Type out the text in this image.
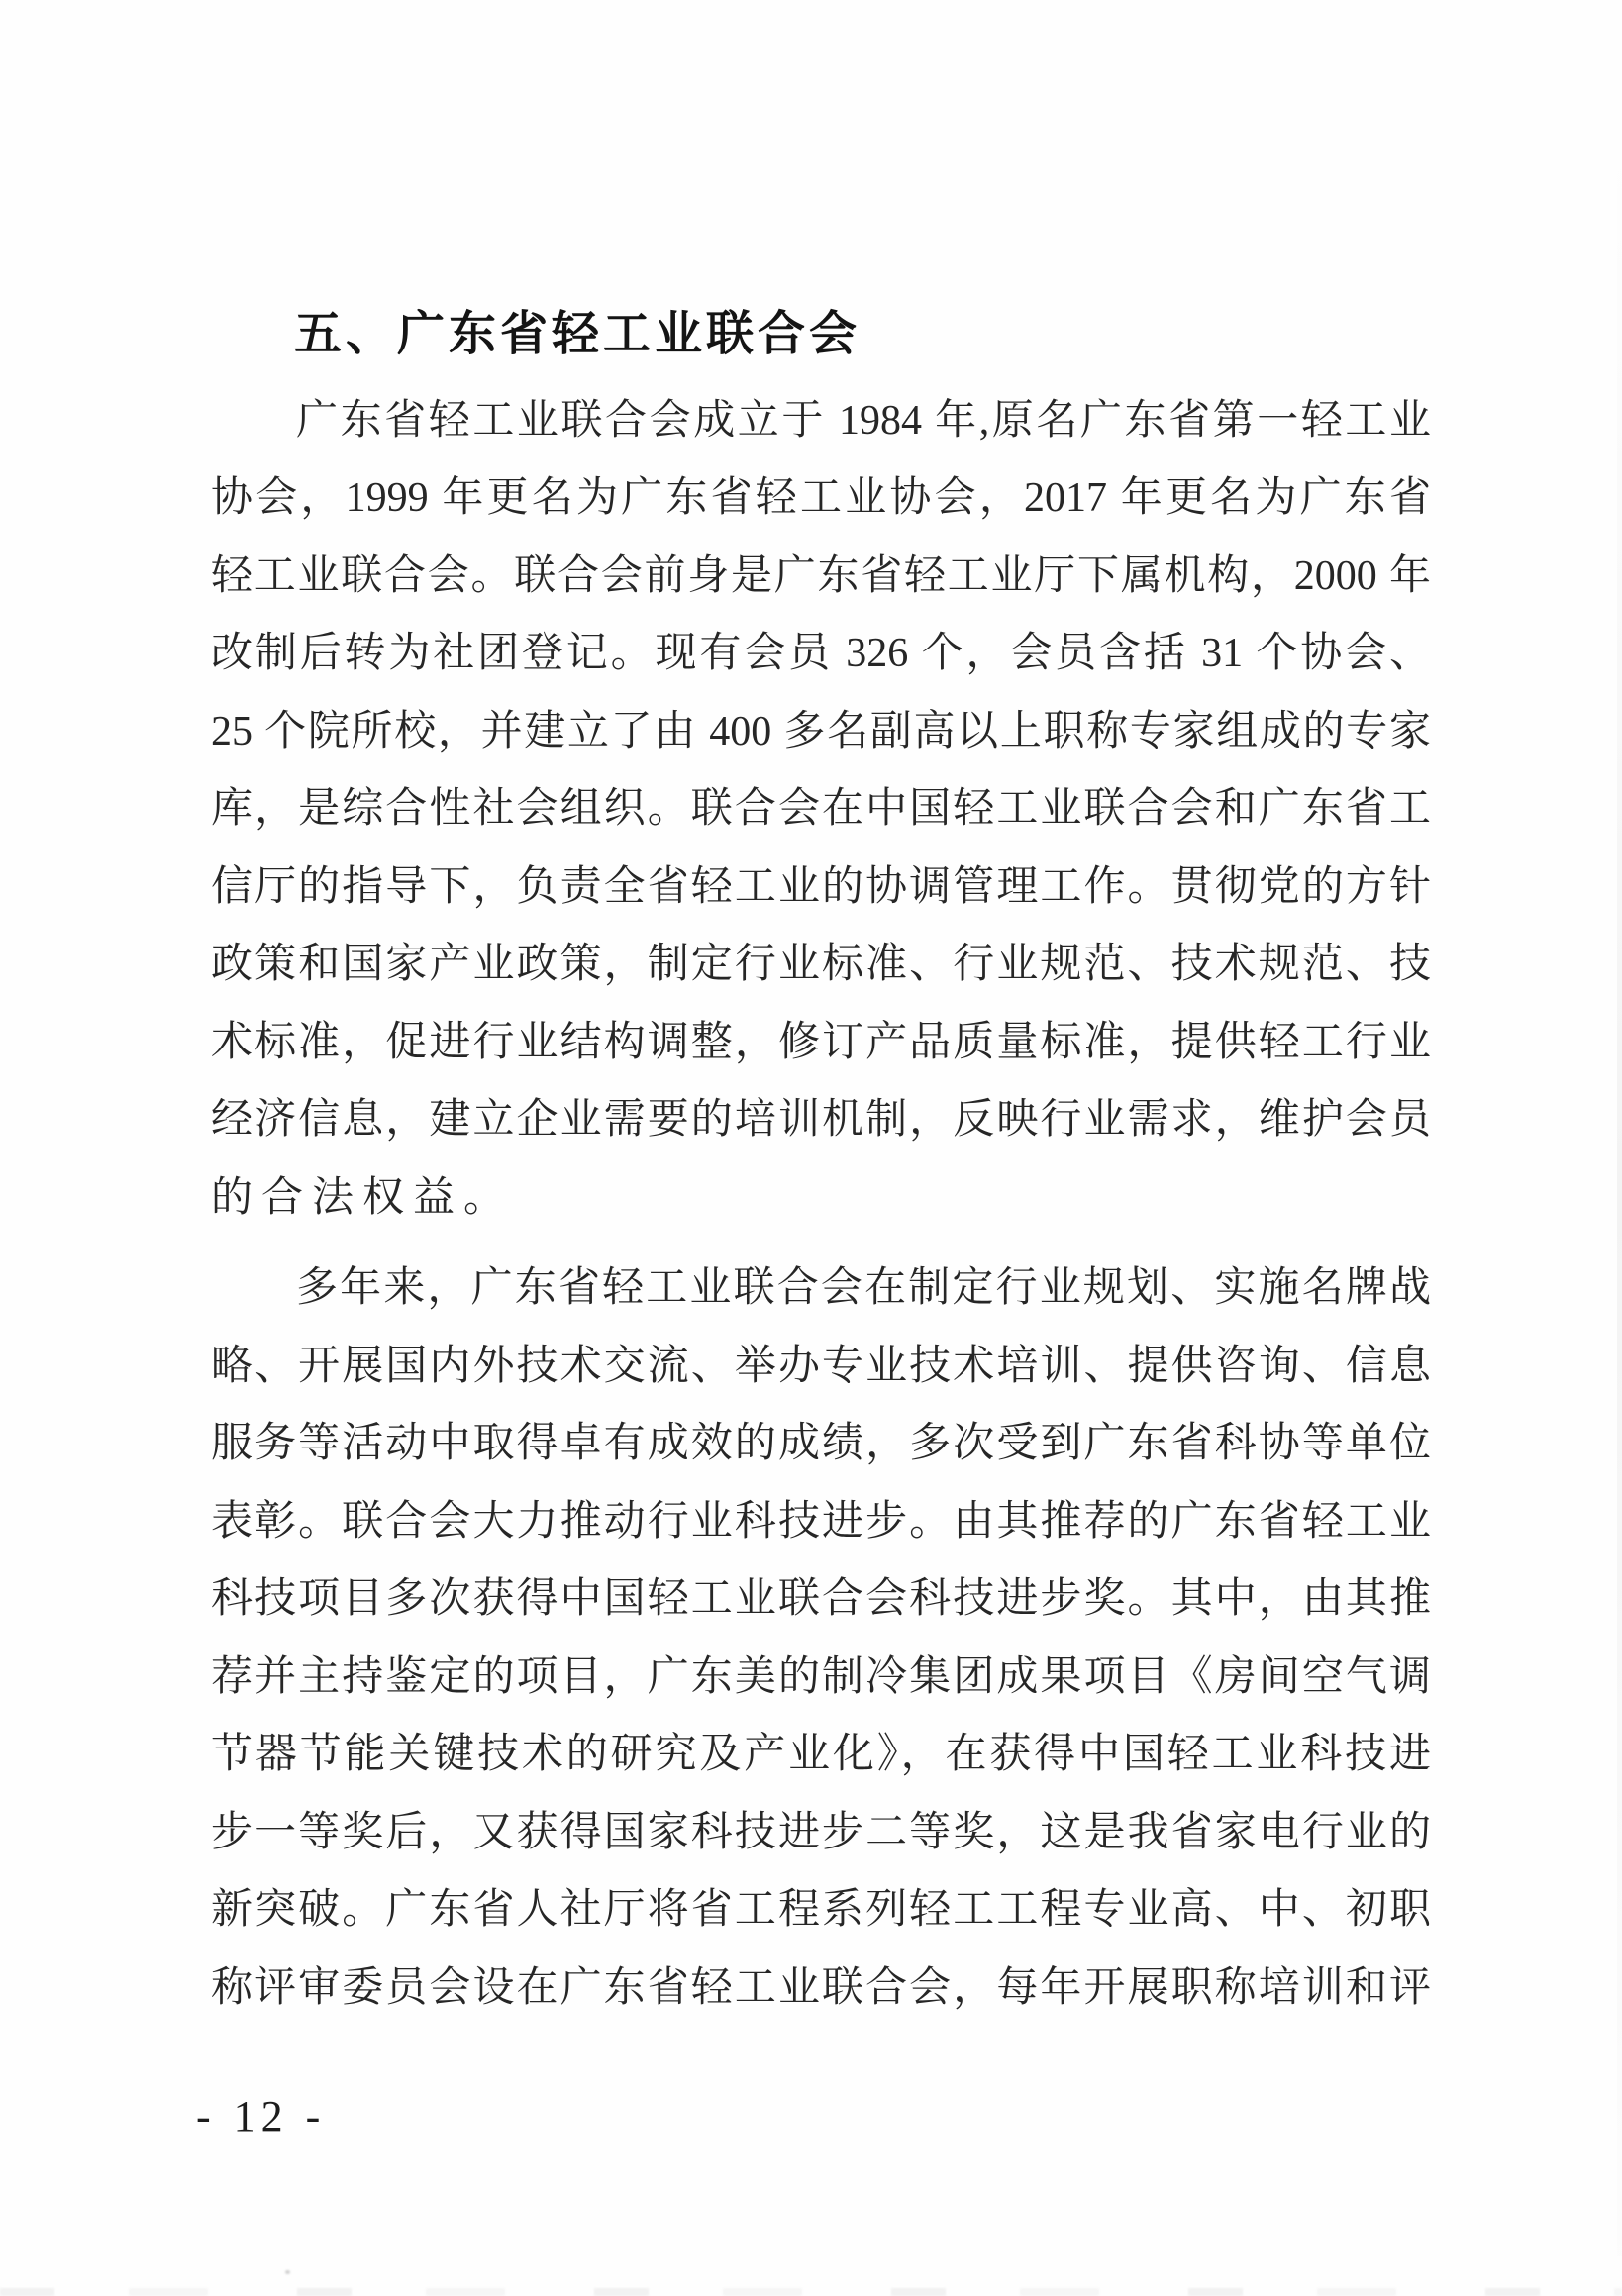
五、广东省轻工业联合会
广东省轻工业联合会成立于 1984 年,原名广东省第一轻工业
协会，1999 年更名为广东省轻工业协会，2017 年更名为广东省
轻工业联合会。联合会前身是广东省轻工业厅下属机构，2000 年
改制后转为社团登记。现有会员 326 个，会员含括 31 个协会、
25 个院所校，并建立了由 400 多名副高以上职称专家组成的专家
库，是综合性社会组织。联合会在中国轻工业联合会和广东省工
信厅的指导下，负责全省轻工业的协调管理工作。贯彻党的方针
政策和国家产业政策，制定行业标准、行业规范、技术规范、技
术标准，促进行业结构调整，修订产品质量标准，提供轻工行业
经济信息，建立企业需要的培训机制，反映行业需求，维护会员
的合法权益。
多年来，广东省轻工业联合会在制定行业规划、实施名牌战
略、开展国内外技术交流、举办专业技术培训、提供咨询、信息
服务等活动中取得卓有成效的成绩，多次受到广东省科协等单位
表彰。联合会大力推动行业科技进步。由其推荐的广东省轻工业
科技项目多次获得中国轻工业联合会科技进步奖。其中，由其推
荐并主持鉴定的项目，广东美的制冷集团成果项目《房间空气调
节器节能关键技术的研究及产业化》，在获得中国轻工业科技进
步一等奖后，又获得国家科技进步二等奖，这是我省家电行业的
新突破。广东省人社厅将省工程系列轻工工程专业高、中、初职
称评审委员会设在广东省轻工业联合会，每年开展职称培训和评
- 12 -
